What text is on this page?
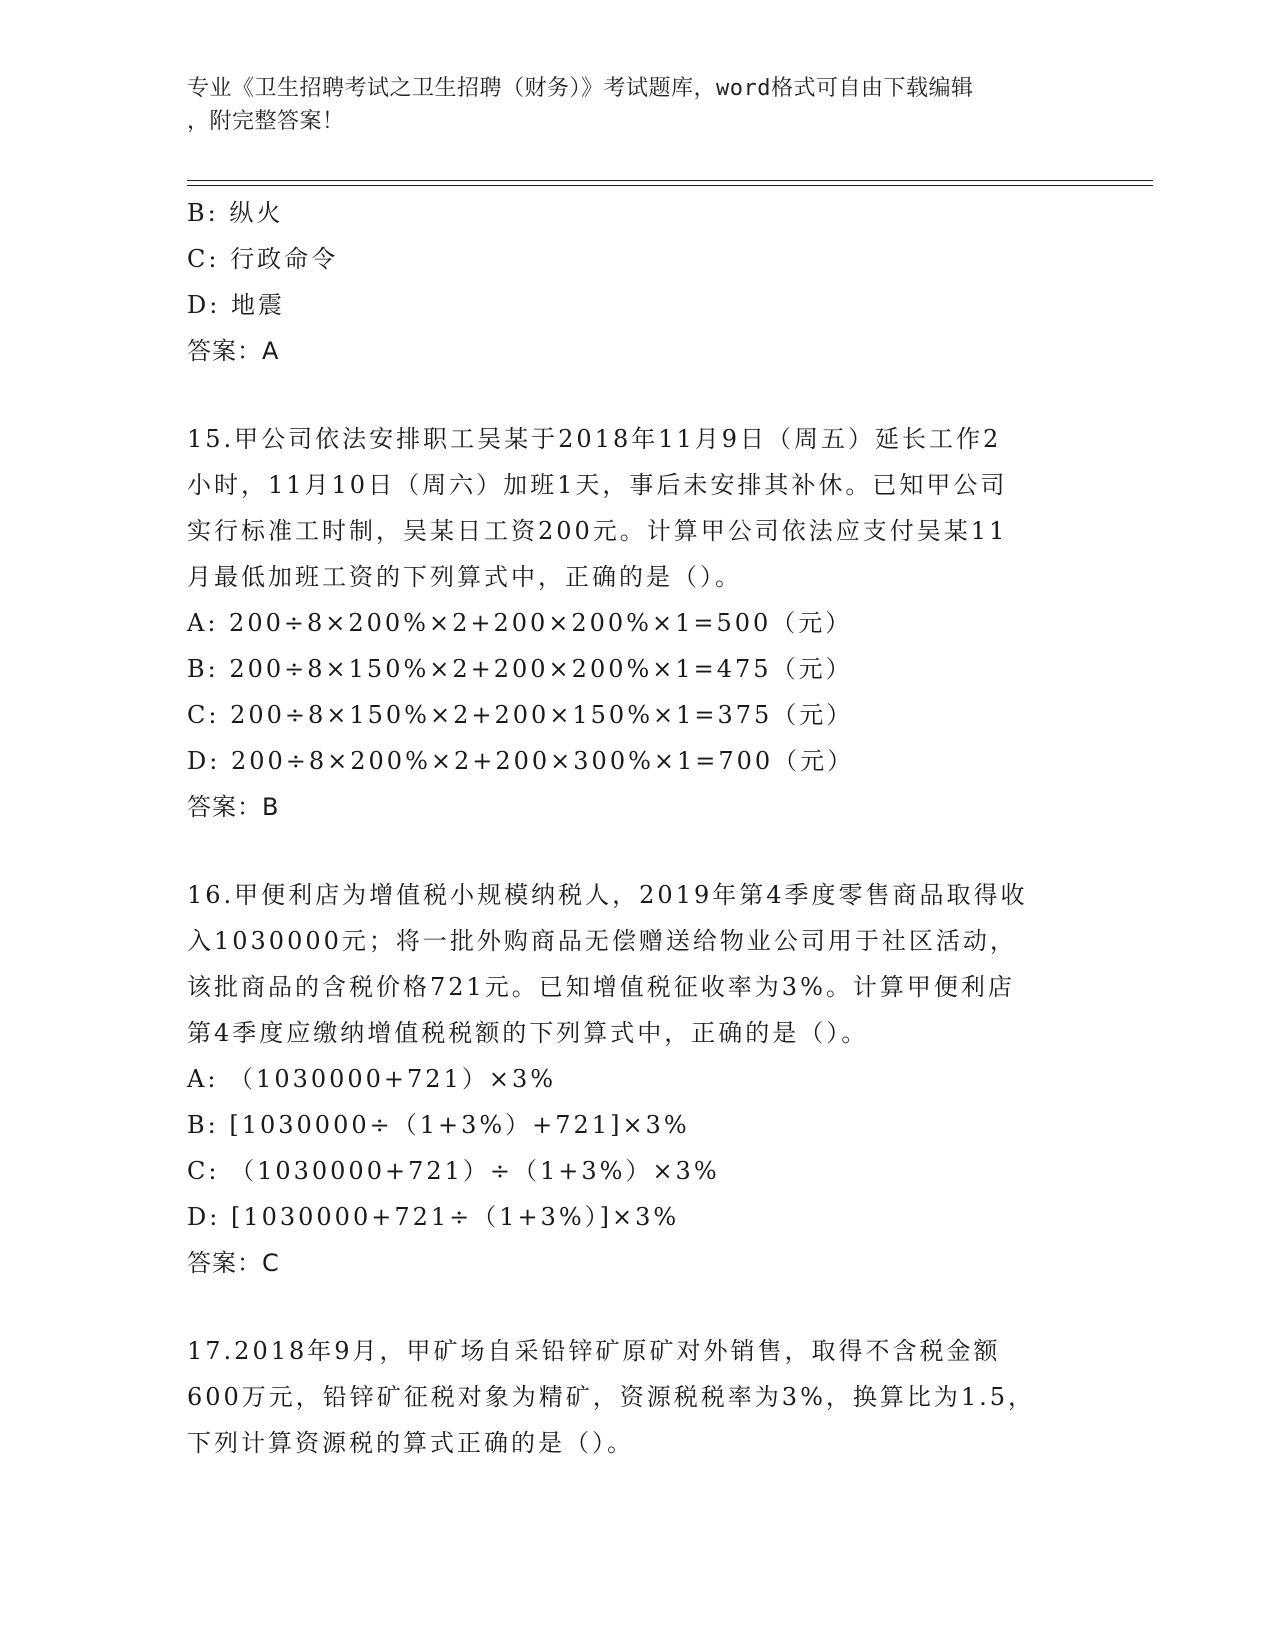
专业《卫生招聘考试之卫生招聘（财务）》考试题库，word格式可自由下载编辑

，附完整答案！

B: 纵火

C: 行政命令

D: 地震

答案：A

15.甲公司依法安排职工吴某于2018年11月9日（周五）延长工作2

小时，11月10日（周六）加班1天，事后未安排其补休。已知甲公司

实行标准工时制，吴某日工资200元。计算甲公司依法应支付吴某11

月最低加班工资的下列算式中，正确的是（）。

A: 200÷8×200%×2+200×200%×1=500（元）

B: 200÷8×150%×2+200×200%×1=475（元）

C: 200÷8×150%×2+200×150%×1=375（元）

D: 200÷8×200%×2+200×300%×1=700（元）

答案：B

16.甲便利店为增值税小规模纳税人，2019年第4季度零售商品取得收

入1030000元；将一批外购商品无偿赠送给物业公司用于社区活动，

该批商品的含税价格721元。已知增值税征收率为3%。计算甲便利店

第4季度应缴纳增值税税额的下列算式中，正确的是（）。

A: （1030000+721）×3%

B: [1030000÷（1+3%）+721]×3%

C: （1030000+721）÷（1+3%）×3%

D: [1030000+721÷（1+3%）]×3%

答案：C

17.2018年9月，甲矿场自采铅锌矿原矿对外销售，取得不含税金额

600万元，铅锌矿征税对象为精矿，资源税税率为3%，换算比为1.5，

下列计算资源税的算式正确的是（）。
